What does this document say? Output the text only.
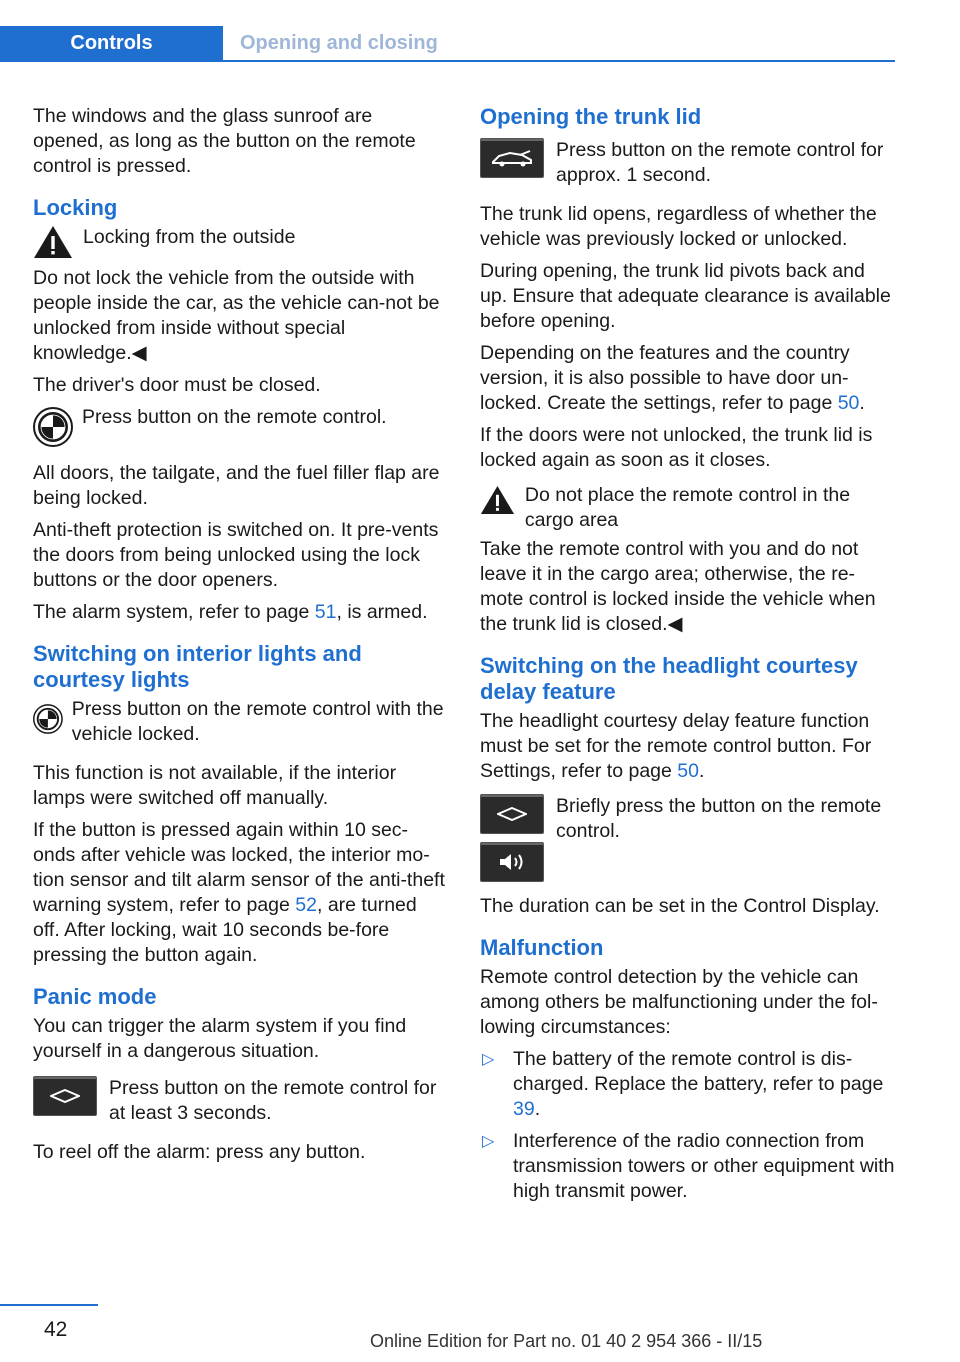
Controls	Opening and closing

The windows and the glass sunroof are opened, as long as the button on the remote control is pressed.

Locking
Locking from the outside

Do not lock the vehicle from the outside with people inside the car, as the vehicle can-not be unlocked from inside without special knowledge.◀

The driver's door must be closed.

Press button on the remote control.

All doors, the tailgate, and the fuel filler flap are being locked.

Anti-theft protection is switched on. It pre-vents the doors from being unlocked using the lock buttons or the door openers.

The alarm system, refer to page 51, is armed.

Switching on interior lights and courtesy lights
Press button on the remote control with the vehicle locked.

This function is not available, if the interior lamps were switched off manually.

If the button is pressed again within 10 sec-onds after vehicle was locked, the interior mo-tion sensor and tilt alarm sensor of the anti-theft warning system, refer to page 52, are turned off. After locking, wait 10 seconds be-fore pressing the button again.

Panic mode

You can trigger the alarm system if you find yourself in a dangerous situation.

Press button on the remote control for at least 3 seconds.

To reel off the alarm: press any button.

Opening the trunk lid
Press button on the remote control for approx. 1 second.

The trunk lid opens, regardless of whether the vehicle was previously locked or unlocked.

During opening, the trunk lid pivots back and up. Ensure that adequate clearance is available before opening.

Depending on the features and the country version, it is also possible to have door un-locked. Create the settings, refer to page 50.

If the doors were not unlocked, the trunk lid is locked again as soon as it closes.

Do not place the remote control in the cargo area

Take the remote control with you and do not leave it in the cargo area; otherwise, the re-mote control is locked inside the vehicle when the trunk lid is closed.◀

Switching on the headlight courtesy delay feature

The headlight courtesy delay feature function must be set for the remote control button. For Settings, refer to page 50.

Briefly press the button on the remote control.

The duration can be set in the Control Display.

Malfunction

Remote control detection by the vehicle can among others be malfunctioning under the fol-lowing circumstances:

▷ The battery of the remote control is dis-charged. Replace the battery, refer to page 39.
▷ Interference of the radio connection from transmission towers or other equipment with high transmit power.
42	Online Edition for Part no. 01 40 2 954 366 - II/15
